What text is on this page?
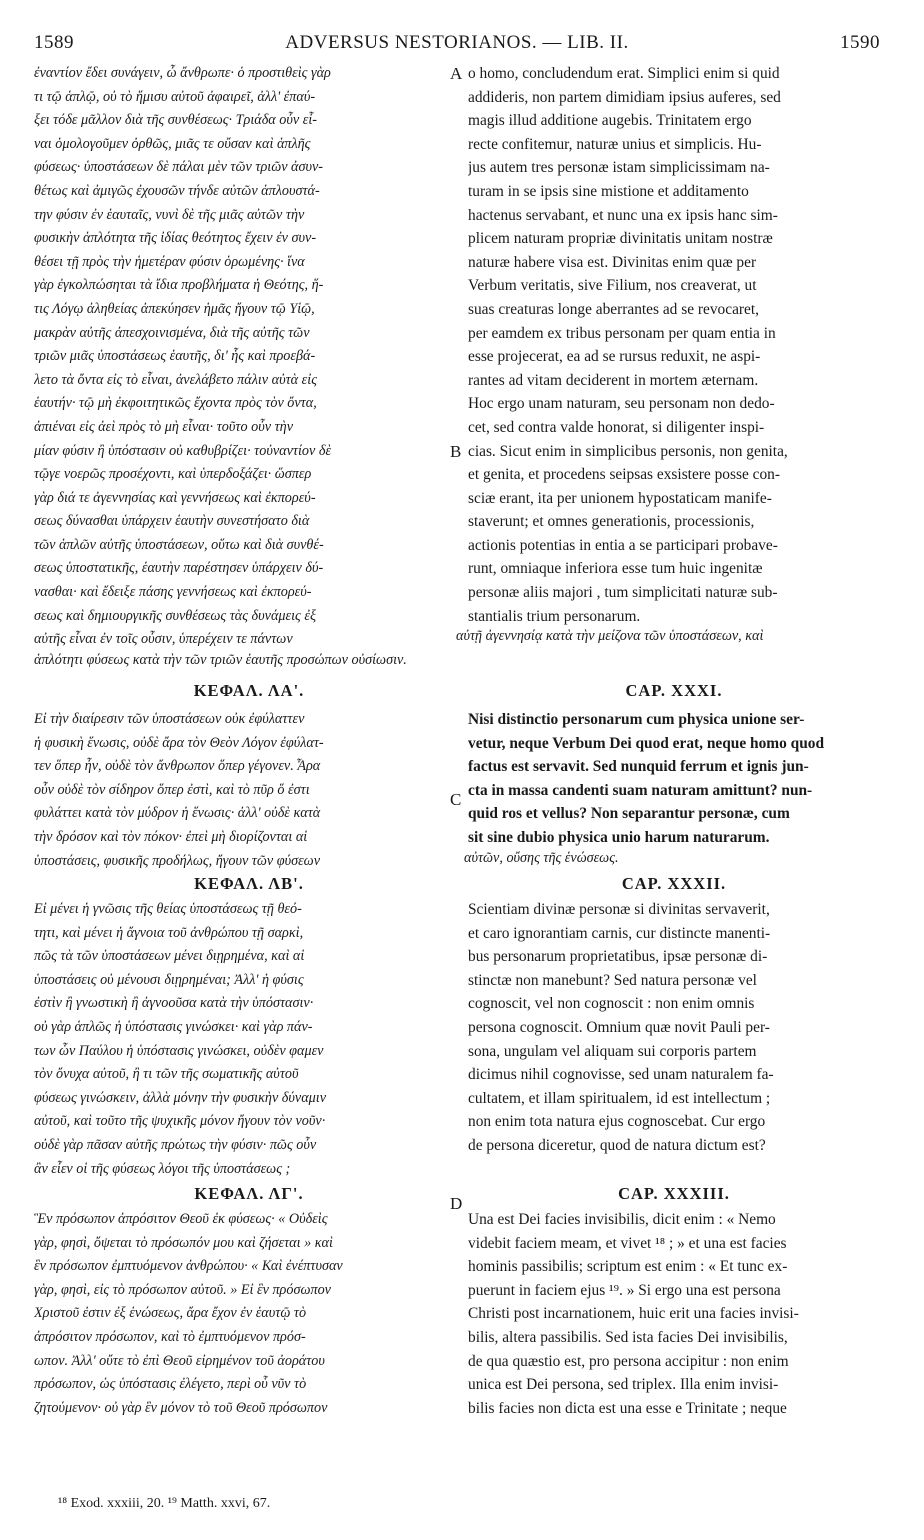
1589	ADVERSUS NESTORIANOS. — LIB. II.	1590
A
B
C
D
ἐναντίον ἔδει συνάγειν, ὦ ἄνθρωπε· ὁ προστιθεὶς γὰρ
τι τῷ ἁπλῷ, οὐ τὸ ἥμισυ αὐτοῦ ἀφαιρεῖ, ἀλλ' ἐπαύ-
ξει τόδε μᾶλλον διὰ τῆς συνθέσεως· Τριάδα οὖν εἶ-
ναι ὁμολογοῦμεν ὀρθῶς, μιᾶς τε οὔσαν καὶ ἁπλῆς
φύσεως· ὑποστάσεων δὲ πάλαι μὲν τῶν τριῶν ἀσυν-
θέτως καὶ ἀμιγῶς ἐχουσῶν τήνδε αὐτῶν ἁπλουστά-
την φύσιν ἐν ἑαυταῖς, νυνὶ δὲ τῆς μιᾶς αὐτῶν τὴν
φυσικὴν ἁπλότητα τῆς ἰδίας θεότητος ἔχειν ἐν συν-
θέσει τῇ πρὸς τὴν ἡμετέραν φύσιν ὁρωμένης· ἵνα
γὰρ ἐγκολπώσηται τὰ ἴδια προβλήματα ἡ Θεότης, ἥ-
τις Λόγῳ ἀληθείας ἀπεκύησεν ἡμᾶς ἤγουν τῷ Υἱῷ,
μακρὰν αὐτῆς ἀπεσχοινισμένα, διὰ τῆς αὐτῆς τῶν
τριῶν μιᾶς ὑποστάσεως ἑαυτῆς, δι' ἧς καὶ προεβά-
λετο τὰ ὄντα εἰς τὸ εἶναι, ἀνελάβετο πάλιν αὐτὰ εἰς
ἑαυτήν· τῷ μὴ ἐκφοιτητικῶς ἔχοντα πρὸς τὸν ὄντα,
ἀπιέναι εἰς ἀεὶ πρὸς τὸ μὴ εἶναι· τοῦτο οὖν τὴν
μίαν φύσιν ἢ ὑπόστασιν οὐ καθυβρίζει· τοὐναντίον δὲ
τῷγε νοερῶς προσέχοντι, καὶ ὑπερδοξάζει· ὥσπερ
γὰρ διά τε ἀγεννησίας καὶ γεννήσεως καὶ ἐκπορεύ-
σεως δύνασθαι ὑπάρχειν ἑαυτὴν συνεστήσατο διὰ
τῶν ἁπλῶν αὐτῆς ὑποστάσεων, οὕτω καὶ διὰ συνθέ-
σεως ὑποστατικῆς, ἑαυτὴν παρέστησεν ὑπάρχειν δύ-
νασθαι· καὶ ἔδειξε πάσης γεννήσεως καὶ ἐκπορεύ-
σεως καὶ δημιουργικῆς συνθέσεως τὰς δυνάμεις ἐξ
αὐτῆς εἶναι ἐν τοῖς οὖσιν, ὑπερέχειν τε πάντων
o homo, concludendum erat. Simplici enim si quid
addideris, non partem dimidiam ipsius auferes, sed
magis illud additione augebis. Trinitatem ergo
recte confitemur, naturæ unius et simplicis. Hu-
jus autem tres personæ istam simplicissimam na-
turam in se ipsis sine mistione et additamento
hactenus servabant, et nunc una ex ipsis hanc sim-
plicem naturam propriæ divinitatis unitam nostræ
naturæ habere visa est. Divinitas enim quæ per
Verbum veritatis, sive Filium, nos creaverat, ut
suas creaturas longe aberrantes ad se revocaret,
per eamdem ex tribus personam per quam entia in
esse projecerat, ea ad se rursus reduxit, ne aspi-
rantes ad vitam deciderent in mortem æternam.
Hoc ergo unam naturam, seu personam non dedo-
cet, sed contra valde honorat, si diligenter inspi-
cias. Sicut enim in simplicibus personis, non genita,
et genita, et procedens seipsas exsistere posse con-
sciæ erant, ita per unionem hypostaticam manife-
staverunt; et omnes generationis, processionis,
actionis potentias in entia a se participari probave-
runt, omniaque inferiora esse tum huic ingenitæ
personæ aliis majori , tum simplicitati naturæ sub-
stantialis trium personarum.
αὐτῇ ἀγεννησίᾳ κατὰ τὴν μείζονα τῶν ὑποστάσεων, καὶ
ἁπλότητι φύσεως κατὰ τὴν τῶν τριῶν ἑαυτῆς προσώπων οὐσίωσιν.
ΚΕΦΑΛ. ΛΑ'.	CAP. XXXI.
Εἰ τὴν διαίρεσιν τῶν ὑποστάσεων οὐκ ἐφύλαττεν
ἡ φυσικὴ ἕνωσις, οὐδὲ ἄρα τὸν Θεὸν Λόγον ἐφύλατ-
τεν ὅπερ ἦν, οὐδὲ τὸν ἄνθρωπον ὅπερ γέγονεν. Ἆρα
οὖν οὐδὲ τὸν σίδηρον ὅπερ ἐστὶ, καὶ τὸ πῦρ ὅ ἐστι
φυλάττει κατὰ τὸν μύδρον ἡ ἕνωσις· ἀλλ' οὐδὲ κατὰ
τὴν δρόσον καὶ τὸν πόκον· ἐπεὶ μὴ διορίζονται αἱ
ὑποστάσεις, φυσικῆς προδήλως, ἤγουν τῶν φύσεων
Nisi distinctio personarum cum physica unione ser-
vetur, neque Verbum Dei quod erat, neque homo quod
factus est servavit. Sed nunquid ferrum et ignis jun-
cta in massa candenti suam naturam amittunt? nun-
quid ros et vellus? Non separantur personæ, cum
sit sine dubio physica unio harum naturarum.
αὐτῶν, οὔσης τῆς ἑνώσεως.
ΚΕΦΑΛ. ΛΒ'.	CAP. XXXII.
Εἰ μένει ἡ γνῶσις τῆς θείας ὑποστάσεως τῇ θεό-
τητι, καὶ μένει ἡ ἄγνοια τοῦ ἀνθρώπου τῇ σαρκὶ,
πῶς τὰ τῶν ὑποστάσεων μένει διῃρημένα, καὶ αἱ
ὑποστάσεις οὐ μένουσι διῃρημέναι; Ἀλλ' ἡ φύσις
ἐστὶν ἢ γνωστικὴ ἢ ἀγνοοῦσα κατὰ τὴν ὑπόστασιν·
οὐ γὰρ ἁπλῶς ἡ ὑπόστασις γινώσκει· καὶ γὰρ πάν-
των ὧν Παύλου ἡ ὑπόστασις γινώσκει, οὐδὲν φαμεν
τὸν ὄνυχα αὐτοῦ, ἢ τι τῶν τῆς σωματικῆς αὐτοῦ
φύσεως γινώσκειν, ἀλλὰ μόνην τὴν φυσικὴν δύναμιν
αὐτοῦ, καὶ τοῦτο τῆς ψυχικῆς μόνον ἤγουν τὸν νοῦν·
οὐδὲ γὰρ πᾶσαν αὐτῆς πρώτως τὴν φύσιν· πῶς οὖν
ἂν εἶεν οἱ τῆς φύσεως λόγοι τῆς ὑποστάσεως ;
Scientiam divinæ personæ si divinitas servaverit,
et caro ignorantiam carnis, cur distincte manenti-
bus personarum proprietatibus, ipsæ personæ di-
stinctæ non manebunt? Sed natura personæ vel
cognoscit, vel non cognoscit : non enim omnis
persona cognoscit. Omnium quæ novit Pauli per-
sona, ungulam vel aliquam sui corporis partem
dicimus nihil cognovisse, sed unam naturalem fa-
cultatem, et illam spiritualem, id est intellectum ;
non enim tota natura ejus cognoscebat. Cur ergo
de persona diceretur, quod de natura dictum est?
ΚΕΦΑΛ. ΛΓ'.	CAP. XXXIII.
Ἓν πρόσωπον ἀπρόσιτον Θεοῦ ἐκ φύσεως· « Οὐδεὶς
γὰρ, φησὶ, ὄψεται τὸ πρόσωπόν μου καὶ ζήσεται » καὶ
ἓν πρόσωπον ἐμπτυόμενον ἀνθρώπου· « Καὶ ἐνέπτυσαν
γὰρ, φησὶ, εἰς τὸ πρόσωπον αὐτοῦ. » Εἰ ἓν πρόσωπον
Χριστοῦ ἐστιν ἐξ ἑνώσεως, ἄρα ἔχον ἐν ἑαυτῷ τὸ
ἀπρόσιτον πρόσωπον, καὶ τὸ ἐμπτυόμενον πρόσ-
ωπον. Ἀλλ' οὔτε τὸ ἐπὶ Θεοῦ εἰρημένον τοῦ ἀοράτου
πρόσωπον, ὡς ὑπόστασις ἐλέγετο, περὶ οὗ νῦν τὸ
ζητούμενον· οὐ γὰρ ἓν μόνον τὸ τοῦ Θεοῦ πρόσωπον
Una est Dei facies invisibilis, dicit enim : « Nemo
videbit faciem meam, et vivet ¹⁸ ; » et una est facies
hominis passibilis; scriptum est enim : « Et tunc ex-
puerunt in faciem ejus ¹⁹. » Si ergo una est persona
Christi post incarnationem, huic erit una facies invisi-
bilis, altera passibilis. Sed ista facies Dei invisibilis,
de qua quæstio est, pro persona accipitur : non enim
unica est Dei persona, sed triplex. Illa enim invisi-
bilis facies non dicta est una esse e Trinitate ; neque
¹⁸ Exod. xxxiii, 20. ¹⁹ Matth. xxvi, 67.
